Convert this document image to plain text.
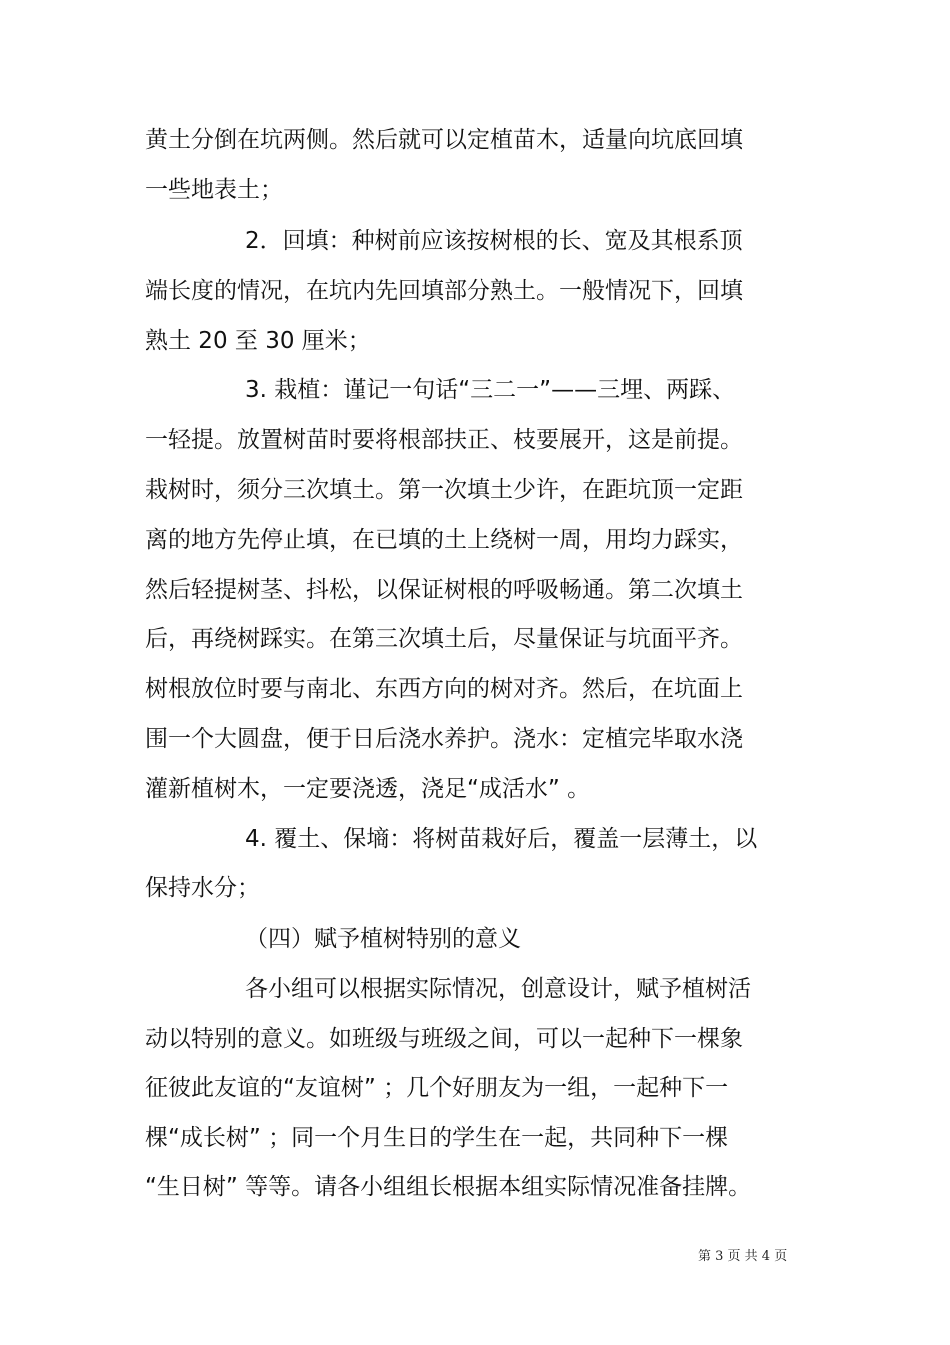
黄土分倒在坑两侧。然后就可以定植苗木，适量向坑底回填
一些地表土；
2．回填：种树前应该按树根的长、宽及其根系顶
端长度的情况，在坑内先回填部分熟土。一般情况下，回填
熟土 20 至 30 厘米；
3. 栽植：谨记一句话“三二一”——三埋、两踩、
一轻提。放置树苗时要将根部扶正、枝要展开，这是前提。
栽树时，须分三次填土。第一次填土少许，在距坑顶一定距
离的地方先停止填，在已填的土上绕树一周，用均力踩实，
然后轻提树茎、抖松，以保证树根的呼吸畅通。第二次填土
后，再绕树踩实。在第三次填土后，尽量保证与坑面平齐。
树根放位时要与南北、东西方向的树对齐。然后，在坑面上
围一个大圆盘，便于日后浇水养护。浇水：定植完毕取水浇
灌新植树木，一定要浇透，浇足“成活水” 。
4. 覆土、保墒：将树苗栽好后，覆盖一层薄土，以
保持水分；
（四）赋予植树特别的意义
各小组可以根据实际情况，创意设计，赋予植树活
动以特别的意义。如班级与班级之间，可以一起种下一棵象
征彼此友谊的“友谊树” ；几个好朋友为一组，一起种下一
棵“成长树” ；同一个月生日的学生在一起，共同种下一棵
“生日树” 等等。请各小组组长根据本组实际情况准备挂牌。
第 3 页 共 4 页
